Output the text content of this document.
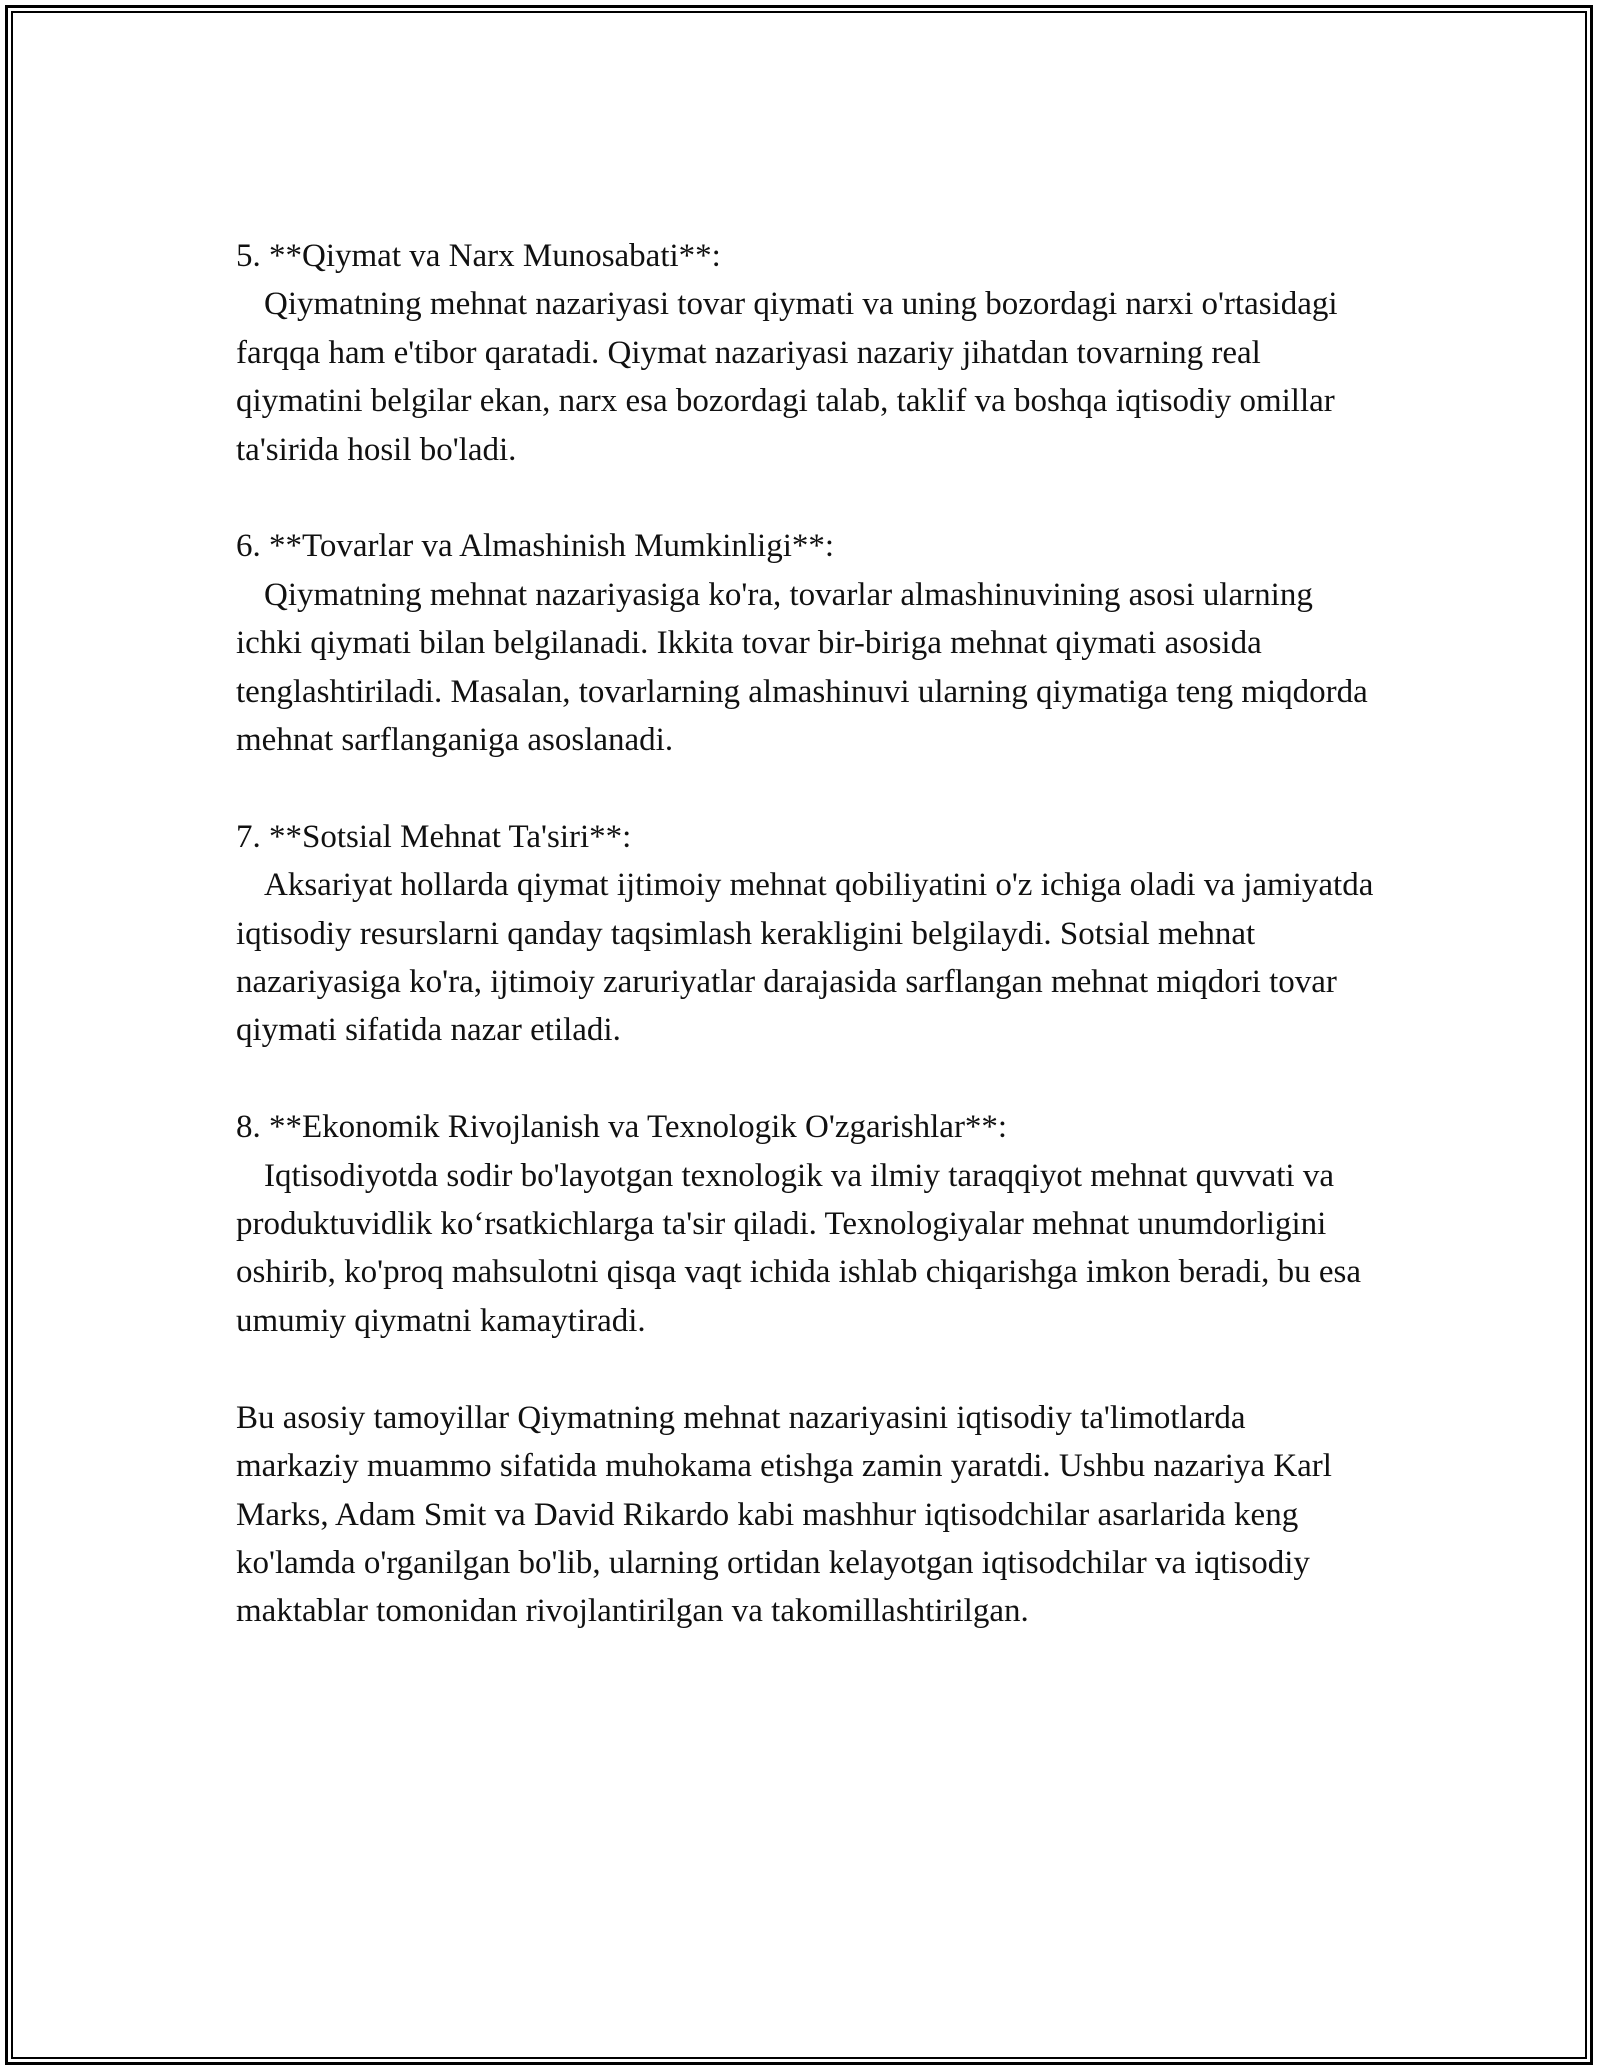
5. **Qiymat va Narx Munosabati**:
Qiymatning mehnat nazariyasi tovar qiymati va uning bozordagi narxi o'rtasidagi farqqa ham e'tibor qaratadi. Qiymat nazariyasi nazariy jihatdan tovarning real qiymatini belgilar ekan, narx esa bozordagi talab, taklif va boshqa iqtisodiy omillar ta'sirida hosil bo'ladi.
6. **Tovarlar va Almashinish Mumkinligi**:
Qiymatning mehnat nazariyasiga ko'ra, tovarlar almashinuvining asosi ularning ichki qiymati bilan belgilanadi. Ikkita tovar bir-biriga mehnat qiymati asosida tenglashtiriladi. Masalan, tovarlarning almashinuvi ularning qiymatiga teng miqdorda mehnat sarflanganiga asoslanadi.
7. **Sotsial Mehnat Ta'siri**:
Aksariyat hollarda qiymat ijtimoiy mehnat qobiliyatini o'z ichiga oladi va jamiyatda iqtisodiy resurslarni qanday taqsimlash kerakligini belgilaydi. Sotsial mehnat nazariyasiga ko'ra, ijtimoiy zaruriyatlar darajasida sarflangan mehnat miqdori tovar qiymati sifatida nazar etiladi.
8. **Ekonomik Rivojlanish va Texnologik O'zgarishlar**:
Iqtisodiyotda sodir bo'layotgan texnologik va ilmiy taraqqiyot mehnat quvvati va produktuvidlik ko‘rsatkichlarga ta'sir qiladi. Texnologiyalar mehnat unumdorligini oshirib, ko'proq mahsulotni qisqa vaqt ichida ishlab chiqarishga imkon beradi, bu esa umumiy qiymatni kamaytiradi.
Bu asosiy tamoyillar Qiymatning mehnat nazariyasini iqtisodiy ta'limotlarda markaziy muammo sifatida muhokama etishga zamin yaratdi. Ushbu nazariya Karl Marks, Adam Smit va David Rikardo kabi mashhur iqtisodchilar asarlarida keng ko'lamda o'rganilgan bo'lib, ularning ortidan kelayotgan iqtisodchilar va iqtisodiy maktablar tomonidan rivojlantirilgan va takomillashtirilgan.
